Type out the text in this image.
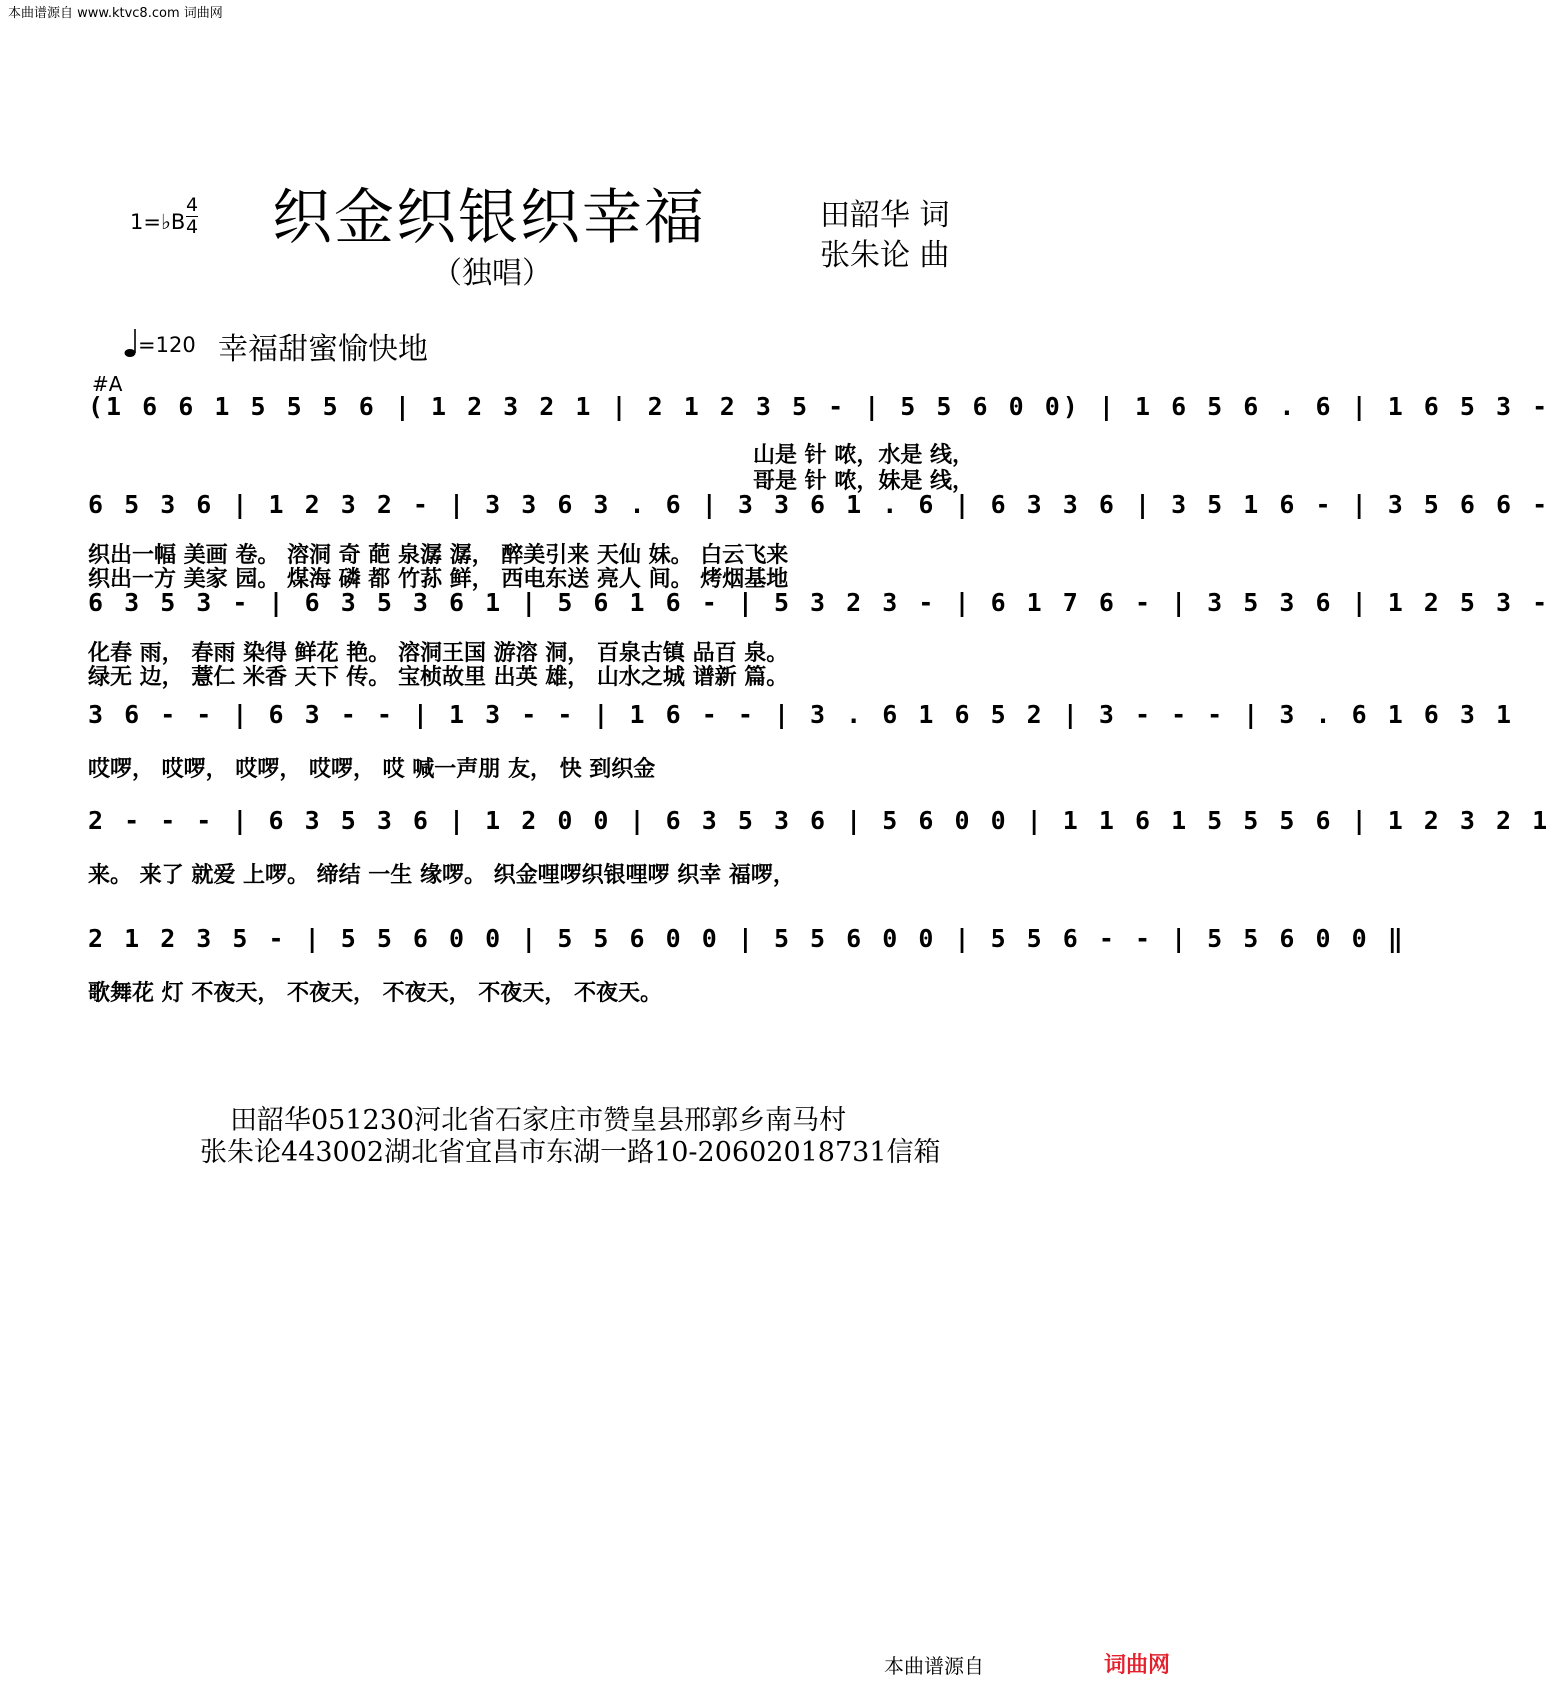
本曲谱源自 www.ktvc8.com 词曲网
织金织银织幸福
（独唱）
1=♭B
4
4	田韶华 词
张朱论 曲
=120 幸福甜蜜愉快地
#A
(1 6 6 1 5 5 5 6 | 1 2 3 2 1 | 2 1 2 3 5 - | 5 5 6 0 0) | 1 6 5 6 . 6 | 1 6 5 3 -
山是 针 哝，水是 线，
哥是 针 哝，妹是 线，
6 5 3 6 | 1 2 3 2 - | 3 3 6 3 . 6 | 3 3 6 1 . 6 | 6 3 3 6 | 3 5 1 6 - | 3 5 6 6 -
织出一幅 美画 卷。 溶洞 奇 葩 泉潺 潺， 醉美引来 天仙 妹。 白云飞来
织出一方 美家 园。 煤海 磷 都 竹荪 鲜， 西电东送 亮人 间。 烤烟基地
6 3 5 3 - | 6 3 5 3 6 1 | 5 6 1 6 - | 5 3 2 3 - | 6 1 7 6 - | 3 5 3 6 | 1 2 5 3 -
化春 雨， 春雨 染得 鲜花 艳。 溶洞王国 游溶 洞， 百泉古镇 品百 泉。
绿无 边， 薏仁 米香 天下 传。 宝桢故里 出英 雄， 山水之城 谱新 篇。
3 6 - - | 6 3 - - | 1 3 - - | 1 6 - - | 3 . 6 1 6 5 2 | 3 - - - | 3 . 6 1 6 3 1
哎啰， 哎啰， 哎啰， 哎啰， 哎 喊一声朋 友， 快 到织金
2 - - - | 6 3 5 3 6 | 1 2 0 0 | 6 3 5 3 6 | 5 6 0 0 | 1 1 6 1 5 5 5 6 | 1 2 3 2 1
来。 来了 就爱 上啰。 缔结 一生 缘啰。 织金哩啰织银哩啰 织幸 福啰，
2 1 2 3 5 - | 5 5 6 0 0 | 5 5 6 0 0 | 5 5 6 0 0 | 5 5 6 - - | 5 5 6 0 0 ‖
歌舞花 灯 不夜天， 不夜天， 不夜天， 不夜天， 不夜天。
田韶华051230河北省石家庄市赞皇县邢郭乡南马村
张朱论443002湖北省宜昌市东湖一路10-20602018731信箱
本曲谱源自	词曲网
